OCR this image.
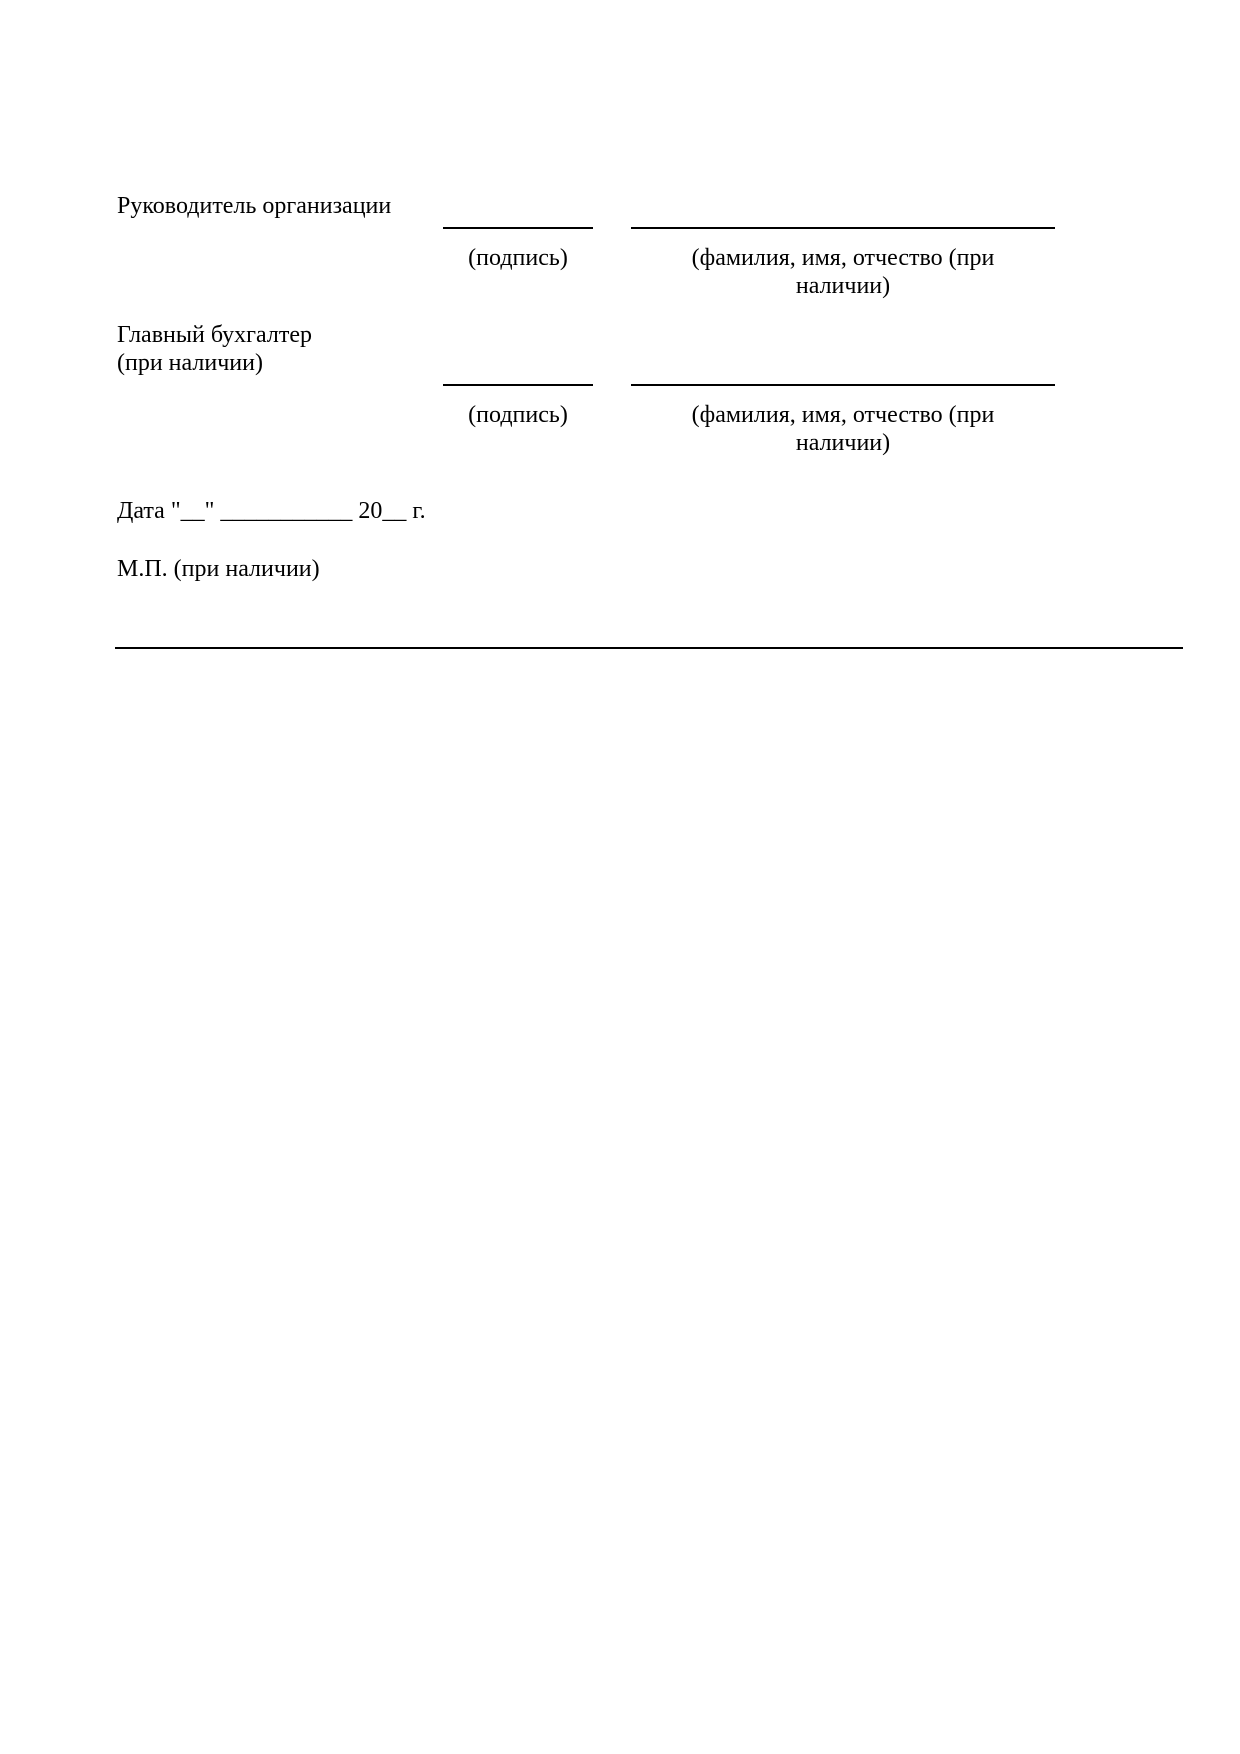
Руководитель организации
(подпись)	(фамилия, имя, отчество (при наличии)
Главный бухгалтер
(при наличии)
(подпись)	(фамилия, имя, отчество (при наличии)
Дата "__" ___________ 20__ г.
М.П. (при наличии)
